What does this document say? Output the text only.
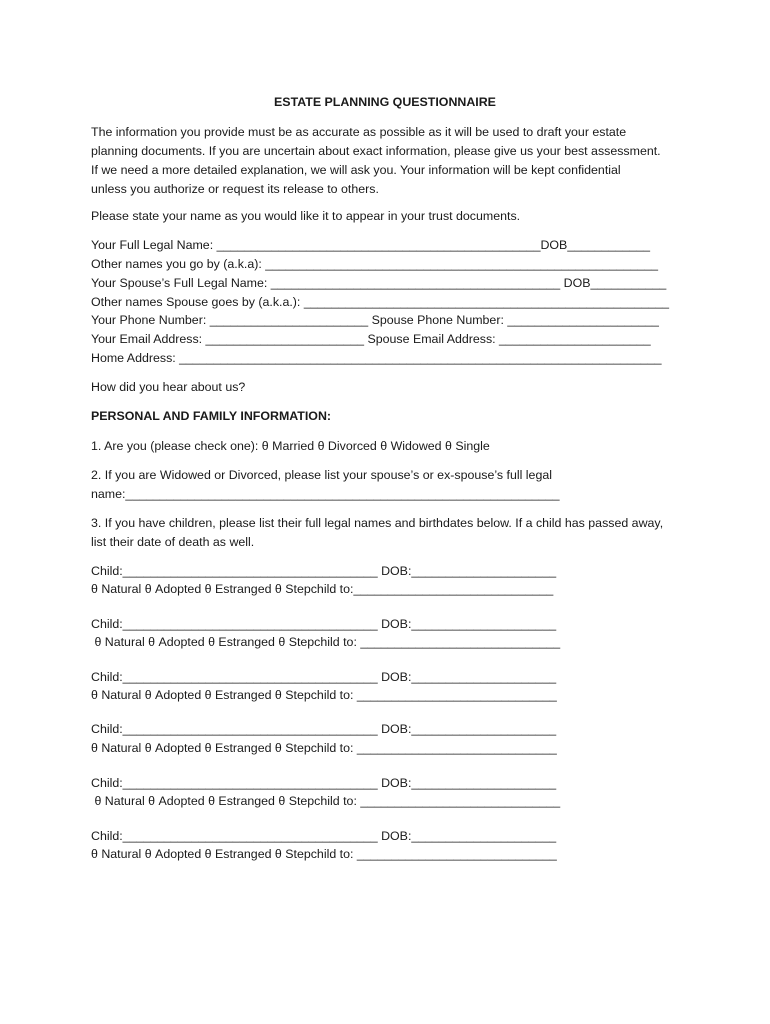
ESTATE PLANNING QUESTIONNAIRE
The information you provide must be as accurate as possible as it will be used to draft your estate
planning documents. If you are uncertain about exact information, please give us your best assessment.
If we need a more detailed explanation, we will ask you. Your information will be kept confidential
unless you authorize or request its release to others.
Please state your name as you would like it to appear in your trust documents.
Your Full Legal Name: _______________________________________________DOB____________
Other names you go by (a.k.a): _________________________________________________________
Your Spouse’s Full Legal Name: __________________________________________ DOB___________
Other names Spouse goes by (a.k.a.): _____________________________________________________
Your Phone Number: _______________________ Spouse Phone Number: ______________________
Your Email Address: _______________________ Spouse Email Address: ______________________
Home Address: ______________________________________________________________________
How did you hear about us?
PERSONAL AND FAMILY INFORMATION:
1. Are you (please check one): θ Married θ Divorced θ Widowed θ Single
2. If you are Widowed or Divorced, please list your spouse’s or ex-spouse’s full legal
name:_______________________________________________________________
3. If you have children, please list their full legal names and birthdates below. If a child has passed away,
list their date of death as well.
Child:_____________________________________ DOB:_____________________
θ Natural θ Adopted θ Estranged θ Stepchild to:_____________________________
Child:_____________________________________ DOB:_____________________
θ Natural θ Adopted θ Estranged θ Stepchild to: _____________________________
Child:_____________________________________ DOB:_____________________
θ Natural θ Adopted θ Estranged θ Stepchild to: _____________________________
Child:_____________________________________ DOB:_____________________
θ Natural θ Adopted θ Estranged θ Stepchild to: _____________________________
Child:_____________________________________ DOB:_____________________
θ Natural θ Adopted θ Estranged θ Stepchild to: _____________________________
Child:_____________________________________ DOB:_____________________
θ Natural θ Adopted θ Estranged θ Stepchild to: _____________________________
